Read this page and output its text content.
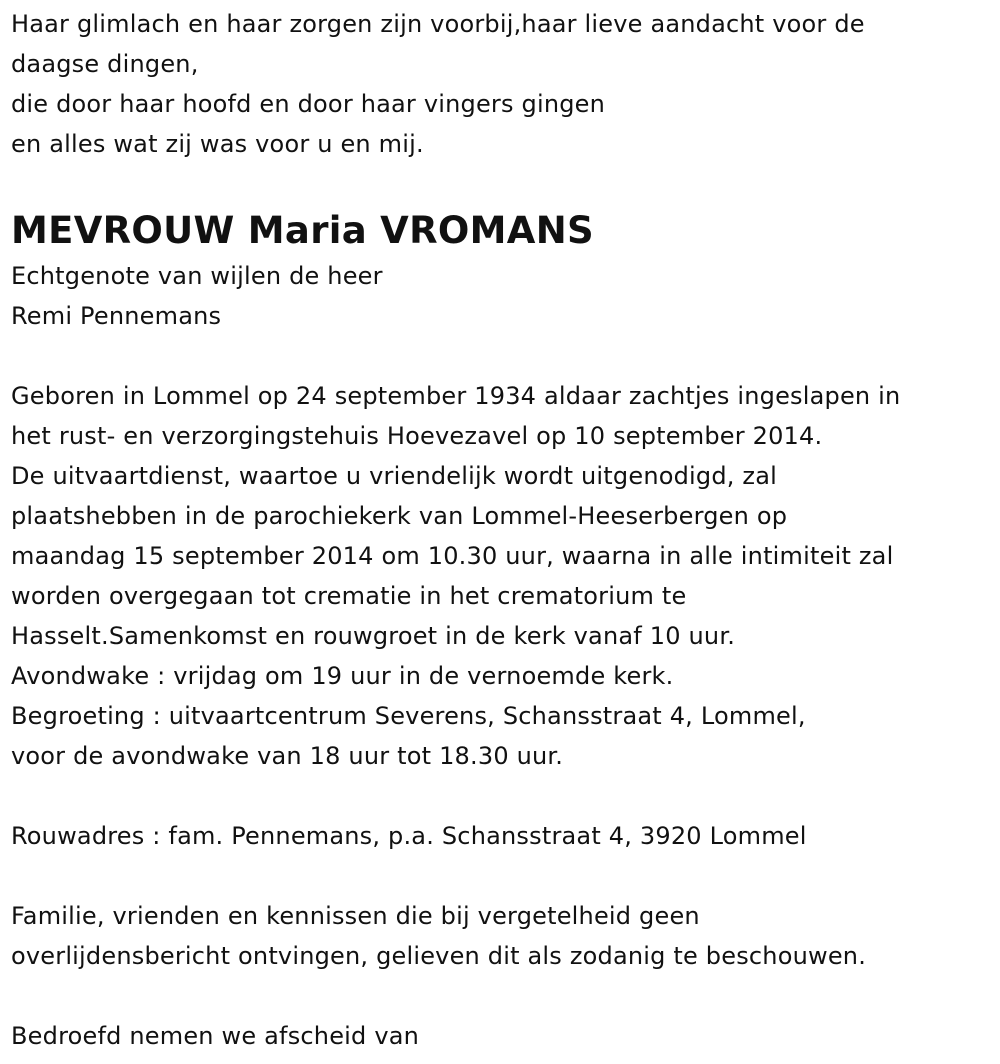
Haar glimlach en haar zorgen zijn voorbij,haar lieve aandacht voor de
daagse dingen,
die door haar hoofd en door haar vingers gingen
en alles wat zij was voor u en mij.
MEVROUW Maria VROMANS
Echtgenote van wijlen de heer
Remi Pennemans
Geboren in Lommel op 24 september 1934 aldaar zachtjes ingeslapen in
het rust- en verzorgingstehuis Hoevezavel op 10 september 2014.
De uitvaartdienst, waartoe u vriendelijk wordt uitgenodigd, zal
plaatshebben in de parochiekerk van Lommel-Heeserbergen op
maandag 15 september 2014 om 10.30 uur, waarna in alle intimiteit zal
worden overgegaan tot crematie in het crematorium te
Hasselt.Samenkomst en rouwgroet in de kerk vanaf 10 uur.
Avondwake : vrijdag om 19 uur in de vernoemde kerk.
Begroeting : uitvaartcentrum Severens, Schansstraat 4, Lommel,
voor de avondwake van 18 uur tot 18.30 uur.
Rouwadres : fam. Pennemans, p.a. Schansstraat 4, 3920 Lommel
Familie, vrienden en kennissen die bij vergetelheid geen
overlijdensbericht ontvingen, gelieven dit als zodanig te beschouwen.
Bedroefd nemen we afscheid van
